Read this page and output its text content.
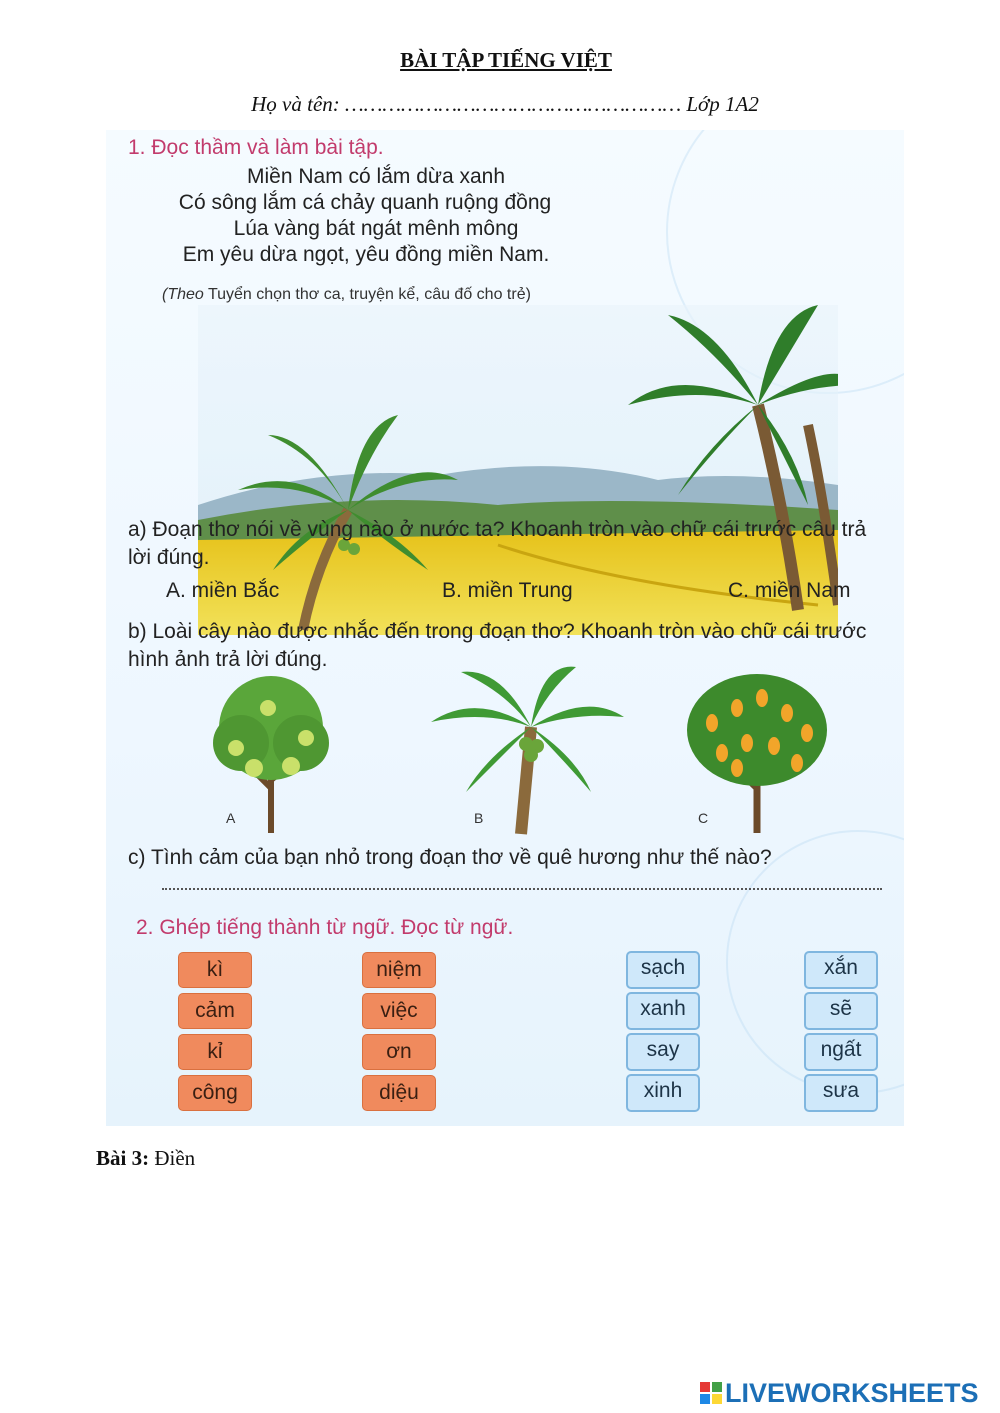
BÀI TẬP TIẾNG VIỆT
Họ và tên: ……………………………………………… Lớp 1A2
1. Đọc thầm và làm bài tập.
Miền Nam có lắm dừa xanh
Có sông lắm cá chảy quanh ruộng đồng
Lúa vàng bát ngát mênh mông
Em yêu dừa ngọt, yêu đồng miền Nam.
(Theo Tuyển chọn thơ ca, truyện kể, câu đố cho trẻ)
a) Đoạn thơ nói về vùng nào ở nước ta? Khoanh tròn vào chữ cái trước câu trả lời đúng.
A. miền Bắc	B. miền Trung	C. miền Nam
b) Loài cây nào được nhắc đến trong đoạn thơ? Khoanh tròn vào chữ cái trước hình ảnh trả lời đúng.
A	B	C
c) Tình cảm của bạn nhỏ trong đoạn thơ về quê hương như thế nào?
2. Ghép tiếng thành từ ngữ. Đọc từ ngữ.
kì
cảm
kỉ
công
niệm
việc
ơn
diệu
sạch
xanh
say
xinh
xắn
sẽ
ngất
sưa
Bài 3: Điền
LIVEWORKSHEETS
